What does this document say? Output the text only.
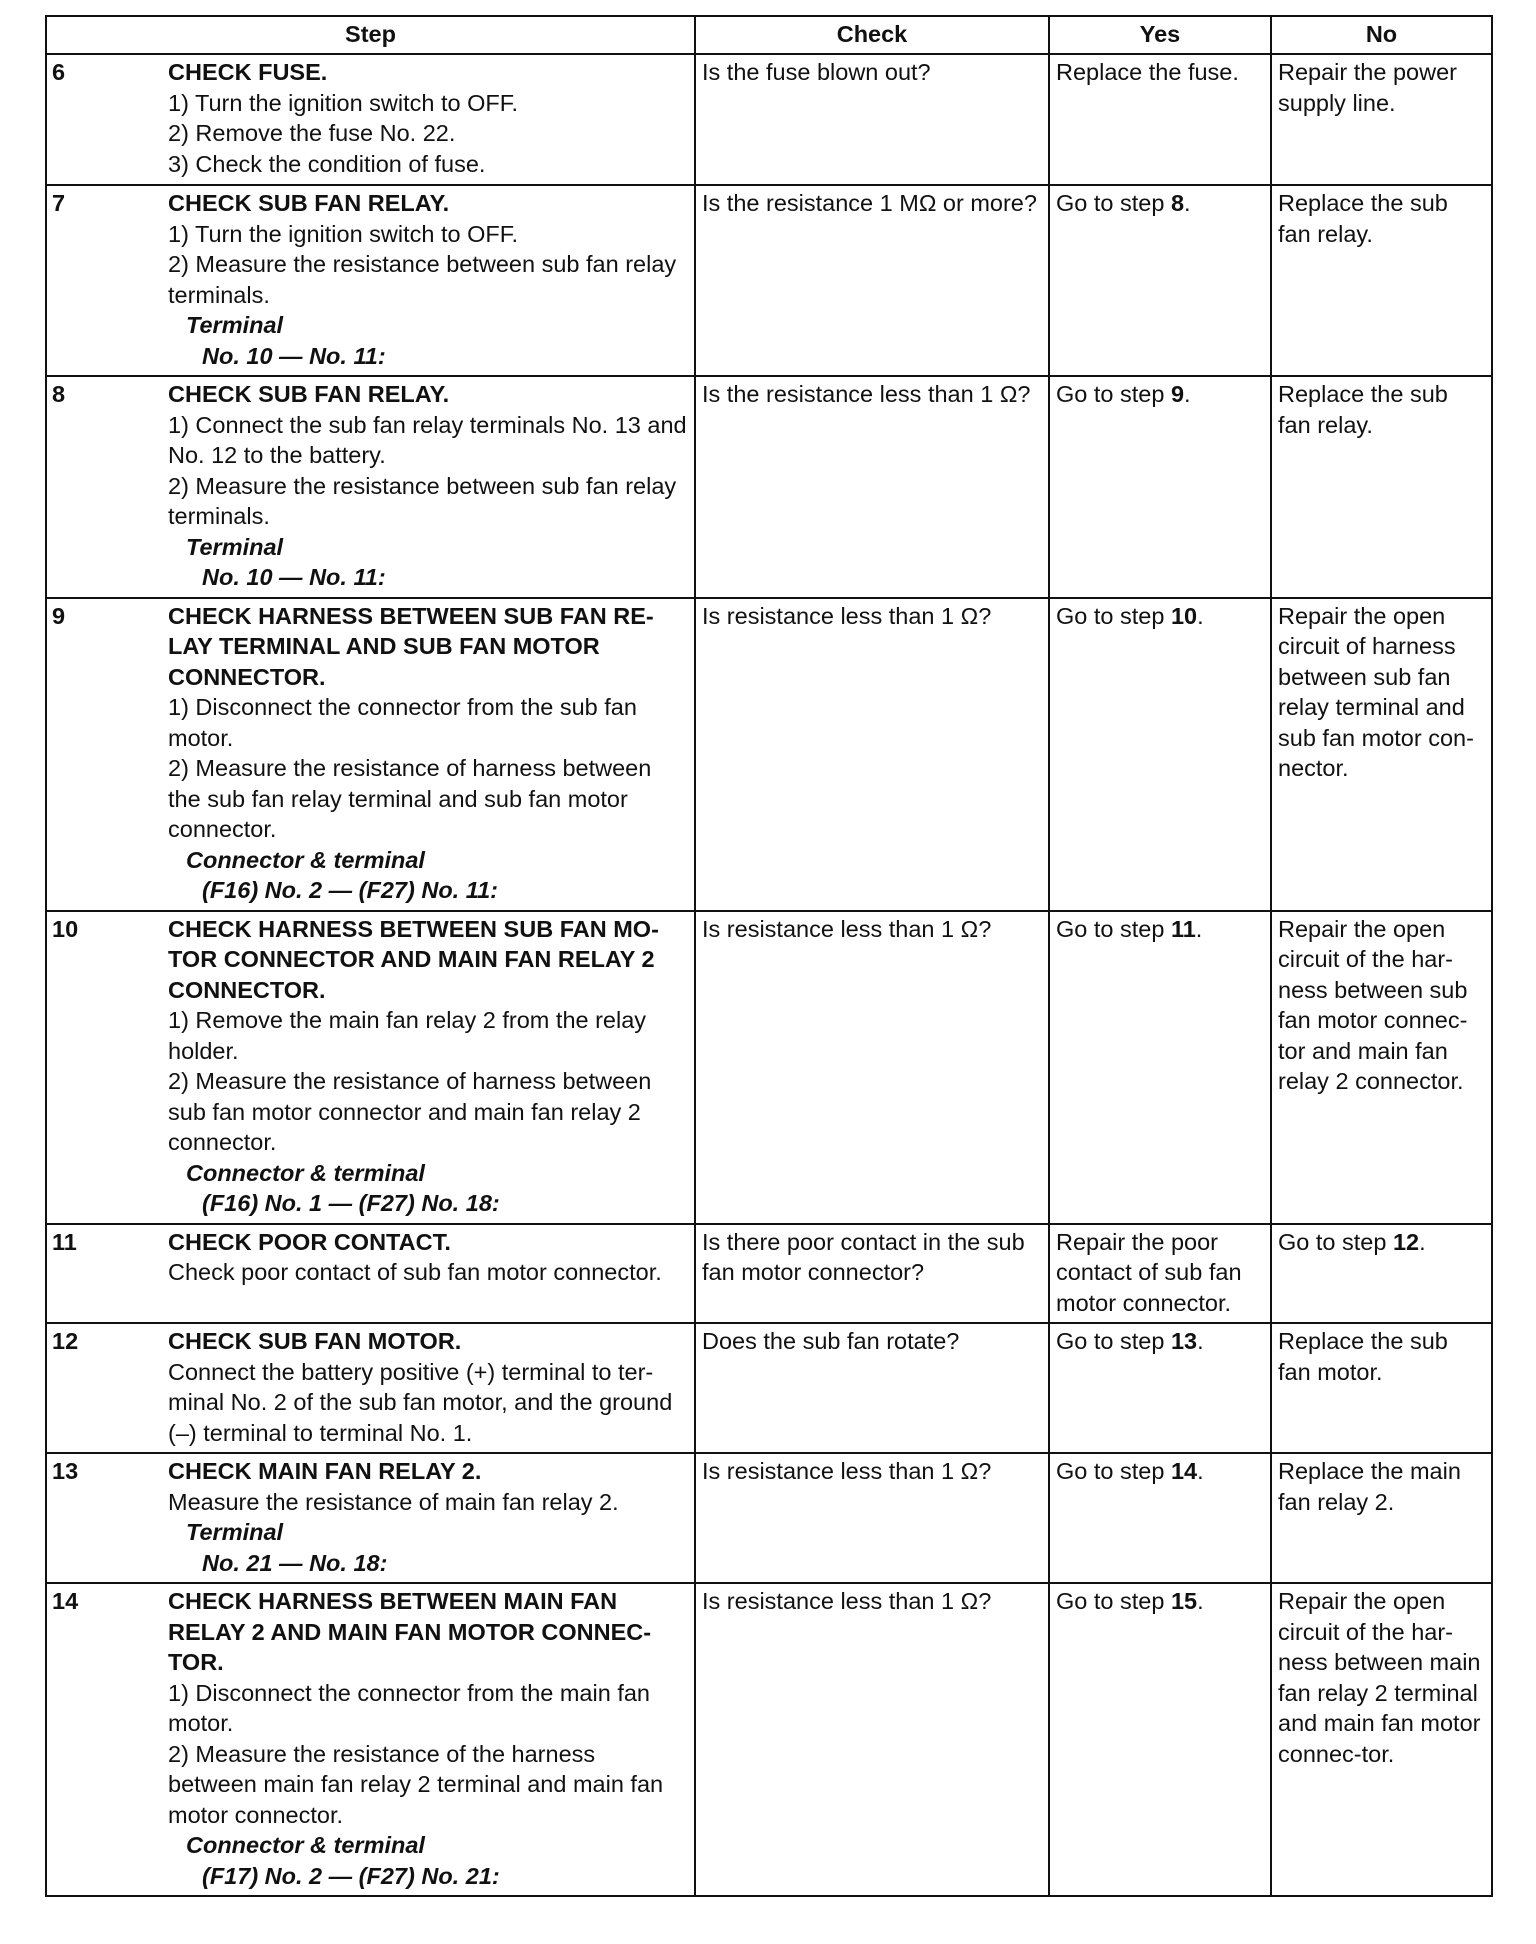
Step		Check	Yes	No
6	CHECK FUSE.
1) Turn the ignition switch to OFF.
2) Remove the fuse No. 22.
3) Check the condition of fuse.	Is the fuse blown out?	Replace the fuse.	Repair the power supply line.
7	CHECK SUB FAN RELAY.
1) Turn the ignition switch to OFF.
2) Measure the resistance between sub fan relay terminals.
Terminal
No. 10 — No. 11:	Is the resistance 1 MΩ or more?	Go to step 8.	Replace the sub fan relay.
8	CHECK SUB FAN RELAY.
1) Connect the sub fan relay terminals No. 13 and No. 12 to the battery.
2) Measure the resistance between sub fan relay terminals.
Terminal
No. 10 — No. 11:	Is the resistance less than 1 Ω?	Go to step 9.	Replace the sub fan relay.
9	CHECK HARNESS BETWEEN SUB FAN RE-LAY TERMINAL AND SUB FAN MOTOR CONNECTOR.
1) Disconnect the connector from the sub fan motor.
2) Measure the resistance of harness between the sub fan relay terminal and sub fan motor connector.
Connector & terminal
(F16) No. 2 — (F27) No. 11:	Is resistance less than 1 Ω?	Go to step 10.	Repair the open circuit of harness between sub fan relay terminal and sub fan motor con-nector.
10	CHECK HARNESS BETWEEN SUB FAN MO-TOR CONNECTOR AND MAIN FAN RELAY 2 CONNECTOR.
1) Remove the main fan relay 2 from the relay holder.
2) Measure the resistance of harness between sub fan motor connector and main fan relay 2 connector.
Connector & terminal
(F16) No. 1 — (F27) No. 18:	Is resistance less than 1 Ω?	Go to step 11.	Repair the open circuit of the har-ness between sub fan motor connec-tor and main fan relay 2 connector.
11	CHECK POOR CONTACT.
Check poor contact of sub fan motor connector.	Is there poor contact in the sub fan motor connector?	Repair the poor contact of sub fan motor connector.	Go to step 12.
12	CHECK SUB FAN MOTOR.
Connect the battery positive (+) terminal to ter-minal No. 2 of the sub fan motor, and the ground (–) terminal to terminal No. 1.	Does the sub fan rotate?	Go to step 13.	Replace the sub fan motor.
13	CHECK MAIN FAN RELAY 2.
Measure the resistance of main fan relay 2.
Terminal
No. 21 — No. 18:	Is resistance less than 1 Ω?	Go to step 14.	Replace the main fan relay 2.
14	CHECK HARNESS BETWEEN MAIN FAN RELAY 2 AND MAIN FAN MOTOR CONNEC-TOR.
1) Disconnect the connector from the main fan motor.
2) Measure the resistance of the harness between main fan relay 2 terminal and main fan motor connector.
Connector & terminal
(F17) No. 2 — (F27) No. 21:	Is resistance less than 1 Ω?	Go to step 15.	Repair the open circuit of the har-ness between main fan relay 2 terminal and main fan motor connec-tor.
